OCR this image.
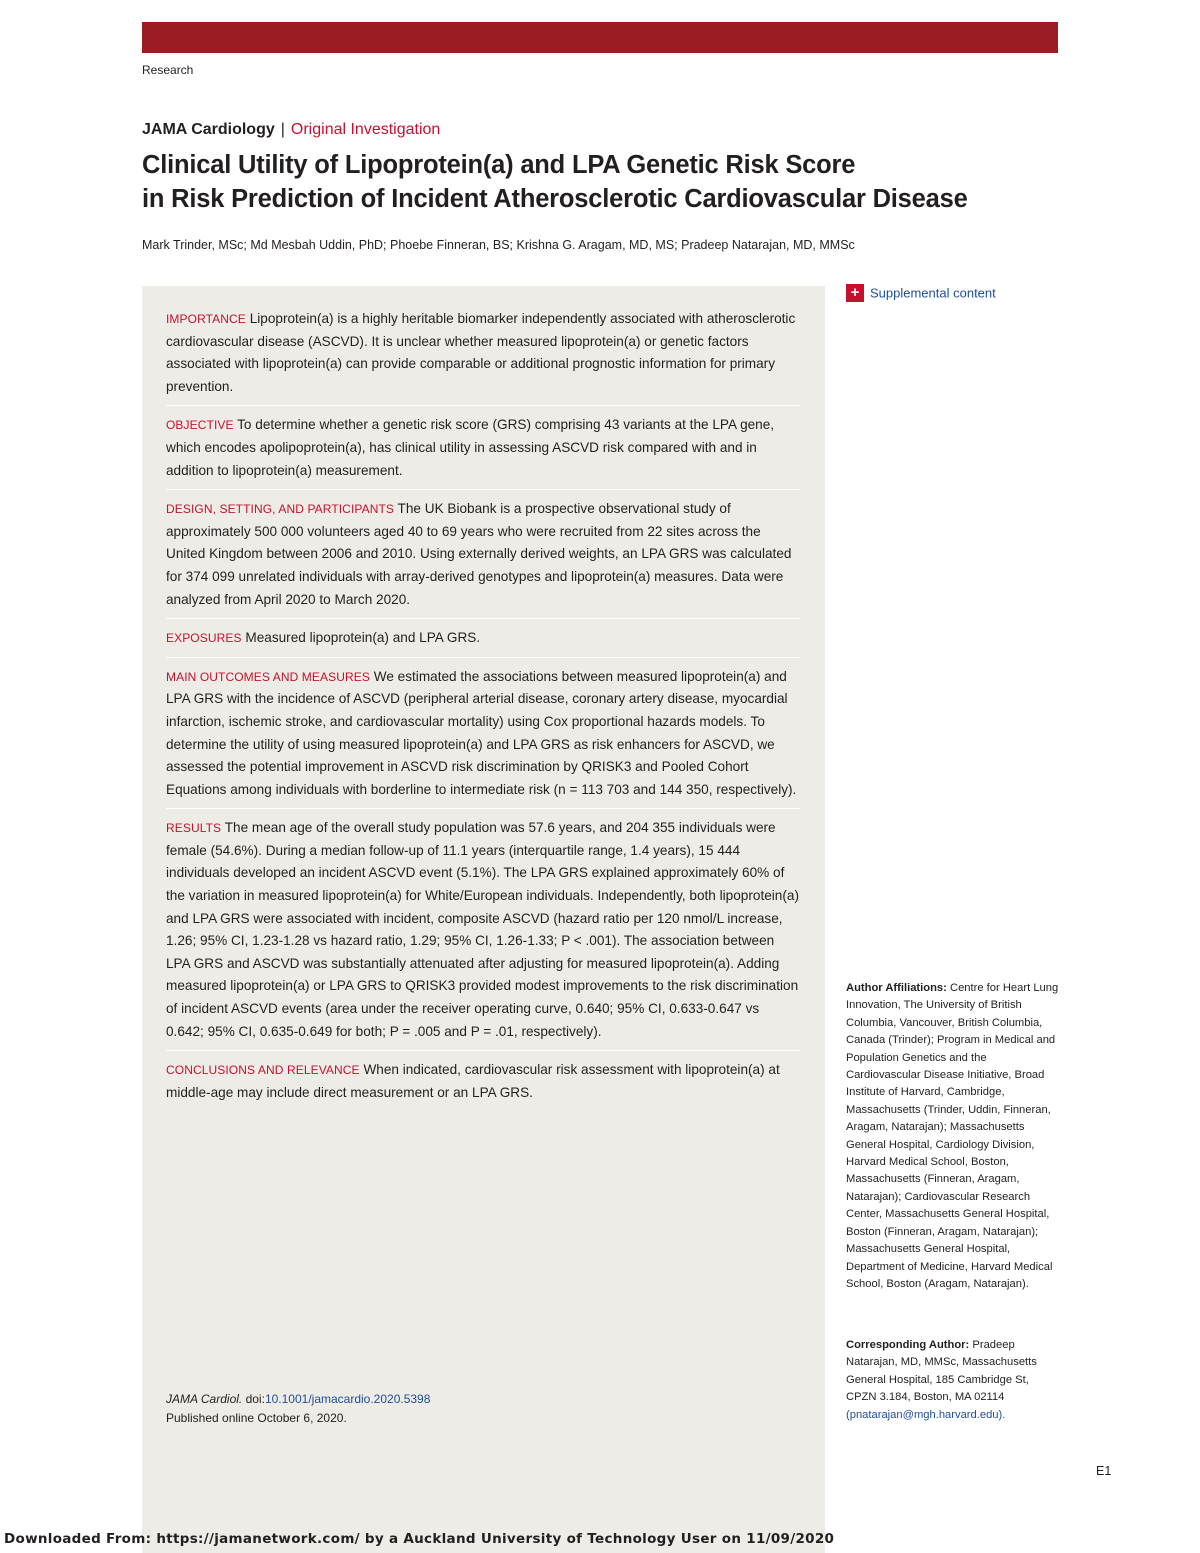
Research
JAMA Cardiology | Original Investigation
Clinical Utility of Lipoprotein(a) and LPA Genetic Risk Score
in Risk Prediction of Incident Atherosclerotic Cardiovascular Disease
Mark Trinder, MSc; Md Mesbah Uddin, PhD; Phoebe Finneran, BS; Krishna G. Aragam, MD, MS; Pradeep Natarajan, MD, MMSc
IMPORTANCE Lipoprotein(a) is a highly heritable biomarker independently associated with atherosclerotic cardiovascular disease (ASCVD). It is unclear whether measured lipoprotein(a) or genetic factors associated with lipoprotein(a) can provide comparable or additional prognostic information for primary prevention.
OBJECTIVE To determine whether a genetic risk score (GRS) comprising 43 variants at the LPA gene, which encodes apolipoprotein(a), has clinical utility in assessing ASCVD risk compared with and in addition to lipoprotein(a) measurement.
DESIGN, SETTING, AND PARTICIPANTS The UK Biobank is a prospective observational study of approximately 500 000 volunteers aged 40 to 69 years who were recruited from 22 sites across the United Kingdom between 2006 and 2010. Using externally derived weights, an LPA GRS was calculated for 374 099 unrelated individuals with array-derived genotypes and lipoprotein(a) measures. Data were analyzed from April 2020 to March 2020.
EXPOSURES Measured lipoprotein(a) and LPA GRS.
MAIN OUTCOMES AND MEASURES We estimated the associations between measured lipoprotein(a) and LPA GRS with the incidence of ASCVD (peripheral arterial disease, coronary artery disease, myocardial infarction, ischemic stroke, and cardiovascular mortality) using Cox proportional hazards models. To determine the utility of using measured lipoprotein(a) and LPA GRS as risk enhancers for ASCVD, we assessed the potential improvement in ASCVD risk discrimination by QRISK3 and Pooled Cohort Equations among individuals with borderline to intermediate risk (n = 113 703 and 144 350, respectively).
RESULTS The mean age of the overall study population was 57.6 years, and 204 355 individuals were female (54.6%). During a median follow-up of 11.1 years (interquartile range, 1.4 years), 15 444 individuals developed an incident ASCVD event (5.1%). The LPA GRS explained approximately 60% of the variation in measured lipoprotein(a) for White/European individuals. Independently, both lipoprotein(a) and LPA GRS were associated with incident, composite ASCVD (hazard ratio per 120 nmol/L increase, 1.26; 95% CI, 1.23-1.28 vs hazard ratio, 1.29; 95% CI, 1.26-1.33; P < .001). The association between LPA GRS and ASCVD was substantially attenuated after adjusting for measured lipoprotein(a). Adding measured lipoprotein(a) or LPA GRS to QRISK3 provided modest improvements to the risk discrimination of incident ASCVD events (area under the receiver operating curve, 0.640; 95% CI, 0.633-0.647 vs 0.642; 95% CI, 0.635-0.649 for both; P = .005 and P = .01, respectively).
CONCLUSIONS AND RELEVANCE When indicated, cardiovascular risk assessment with lipoprotein(a) at middle-age may include direct measurement or an LPA GRS.
JAMA Cardiol. doi:10.1001/jamacardio.2020.5398
Published online October 6, 2020.
+ Supplemental content
Author Affiliations: Centre for Heart Lung Innovation, The University of British Columbia, Vancouver, British Columbia, Canada (Trinder); Program in Medical and Population Genetics and the Cardiovascular Disease Initiative, Broad Institute of Harvard, Cambridge, Massachusetts (Trinder, Uddin, Finneran, Aragam, Natarajan); Massachusetts General Hospital, Cardiology Division, Harvard Medical School, Boston, Massachusetts (Finneran, Aragam, Natarajan); Cardiovascular Research Center, Massachusetts General Hospital, Boston (Finneran, Aragam, Natarajan); Massachusetts General Hospital, Department of Medicine, Harvard Medical School, Boston (Aragam, Natarajan).
Corresponding Author: Pradeep Natarajan, MD, MMSc, Massachusetts General Hospital, 185 Cambridge St, CPZN 3.184, Boston, MA 02114 (pnatarajan@mgh.harvard.edu).
E1
Downloaded From: https://jamanetwork.com/ by a Auckland University of Technology User on 11/09/2020
